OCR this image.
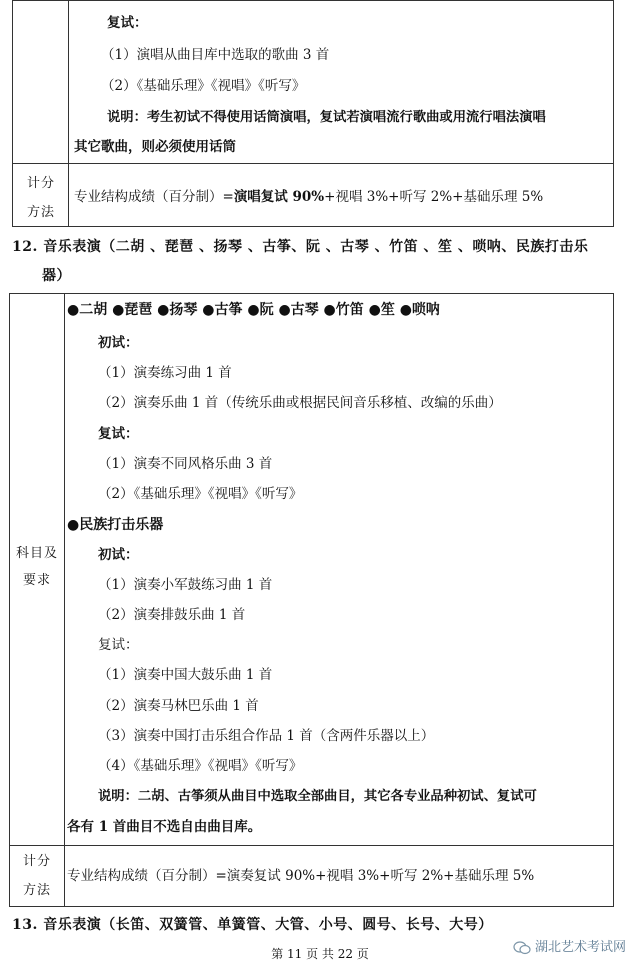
复试：
（1）演唱从曲目库中选取的歌曲 3 首
（2）《基础乐理》《视唱》《听写》
说明：考生初试不得使用话筒演唱，复试若演唱流行歌曲或用流行唱法演唱
其它歌曲，则必须使用话筒
计分
方法
专业结构成绩（百分制）=演唱复试 90%+视唱 3%+听写 2%+基础乐理 5%
12. 音乐表演（二胡 、琵琶 、扬琴 、古筝、阮 、古琴 、竹笛 、笙 、唢呐、民族打击乐
器）
科目及
要求
●二胡 ●琵琶 ●扬琴 ●古筝 ●阮 ●古琴 ●竹笛 ●笙 ●唢呐
初试：
（1）演奏练习曲 1 首
（2）演奏乐曲 1 首（传统乐曲或根据民间音乐移植、改编的乐曲）
复试：
（1）演奏不同风格乐曲 3 首
（2）《基础乐理》《视唱》《听写》
●民族打击乐器
初试：
（1）演奏小军鼓练习曲 1 首
（2）演奏排鼓乐曲 1 首
复试：
（1）演奏中国大鼓乐曲 1 首
（2）演奏马林巴乐曲 1 首
（3）演奏中国打击乐组合作品 1 首（含两件乐器以上）
（4）《基础乐理》《视唱》《听写》
说明：二胡、古筝须从曲目中选取全部曲目，其它各专业品种初试、复试可
各有 1 首曲目不选自由曲目库。
计分
方法
专业结构成绩（百分制）=演奏复试 90%+视唱 3%+听写 2%+基础乐理 5%
13. 音乐表演（长笛、双簧管、单簧管、大管、小号、圆号、长号、大号）
第 11 页 共 22 页	湖北艺术考试网
